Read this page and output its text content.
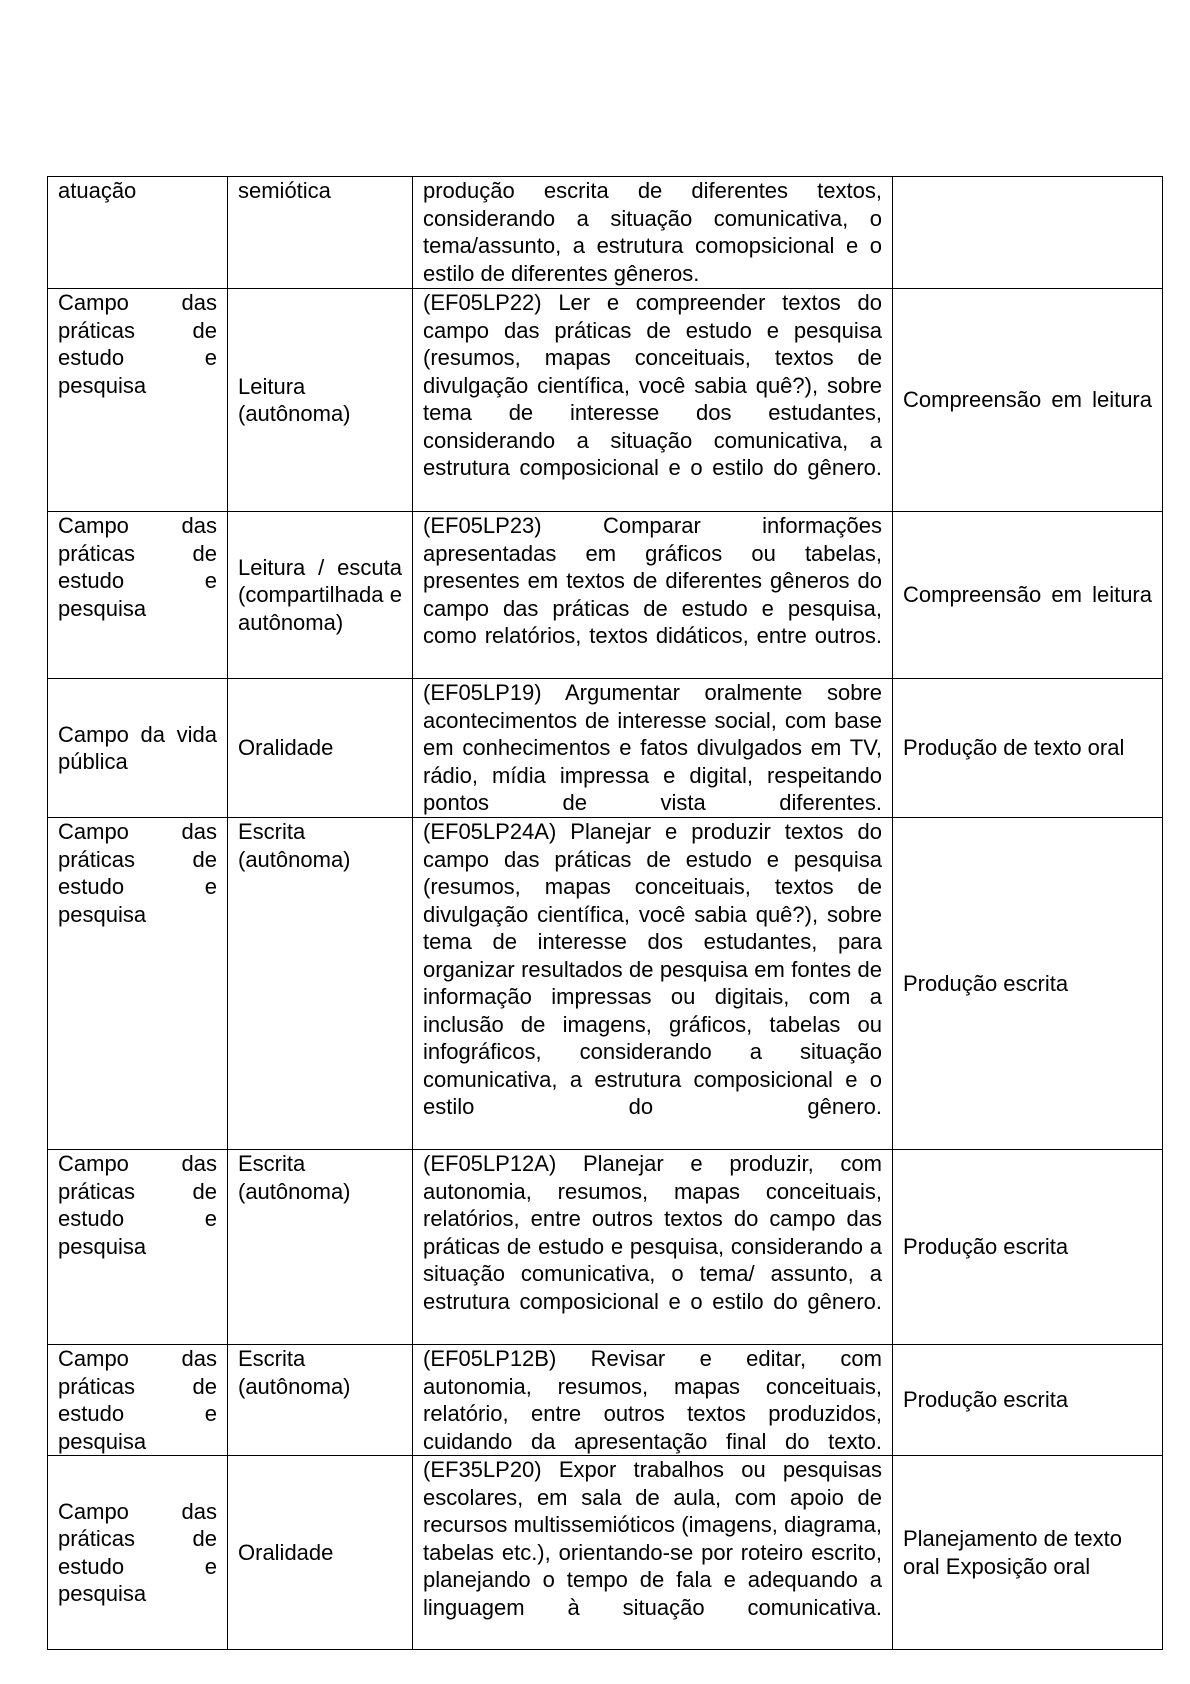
atuação	semiótica	produção escrita de diferentes textos, considerando a situação comunicativa, o tema/assunto, a estrutura comopsicional e o estilo de diferentes gêneros.	
Campo das práticas de estudo e pesquisa	Leitura (autônoma)	(EF05LP22) Ler e compreender textos do campo das práticas de estudo e pesquisa (resumos, mapas conceituais, textos de divulgação científica, você sabia quê?), sobre tema de interesse dos estudantes, considerando a situação comunicativa, a estrutura composicional e o estilo do gênero.	Compreensão em leitura
Campo das práticas de estudo e pesquisa	Leitura / escuta (compartilhada e autônoma)	(EF05LP23) Comparar informações apresentadas em gráficos ou tabelas, presentes em textos de diferentes gêneros do campo das práticas de estudo e pesquisa, como relatórios, textos didáticos, entre outros.	Compreensão em leitura
Campo da vida pública	Oralidade	(EF05LP19) Argumentar oralmente sobre acontecimentos de interesse social, com base em conhecimentos e fatos divulgados em TV, rádio, mídia impressa e digital, respeitando pontos de vista diferentes.	Produção de texto oral
Campo das práticas de estudo e pesquisa	Escrita (autônoma)	(EF05LP24A) Planejar e produzir textos do campo das práticas de estudo e pesquisa (resumos, mapas conceituais, textos de divulgação científica, você sabia quê?), sobre tema de interesse dos estudantes, para organizar resultados de pesquisa em fontes de informação impressas ou digitais, com a inclusão de imagens, gráficos, tabelas ou infográficos, considerando a situação comunicativa, a estrutura composicional e o estilo do gênero.	Produção escrita
Campo das práticas de estudo e pesquisa	Escrita (autônoma)	(EF05LP12A) Planejar e produzir, com autonomia, resumos, mapas conceituais, relatórios, entre outros textos do campo das práticas de estudo e pesquisa, considerando a situação comunicativa, o tema/ assunto, a estrutura composicional e o estilo do gênero.	Produção escrita
Campo das práticas de estudo e pesquisa	Escrita (autônoma)	(EF05LP12B) Revisar e editar, com autonomia, resumos, mapas conceituais, relatório, entre outros textos produzidos, cuidando da apresentação final do texto.	Produção escrita
Campo das práticas de estudo e pesquisa	Oralidade	(EF35LP20) Expor trabalhos ou pesquisas escolares, em sala de aula, com apoio de recursos multissemióticos (imagens, diagrama, tabelas etc.), orientando-se por roteiro escrito, planejando o tempo de fala e adequando a linguagem à situação comunicativa.	Planejamento de texto oral Exposição oral
